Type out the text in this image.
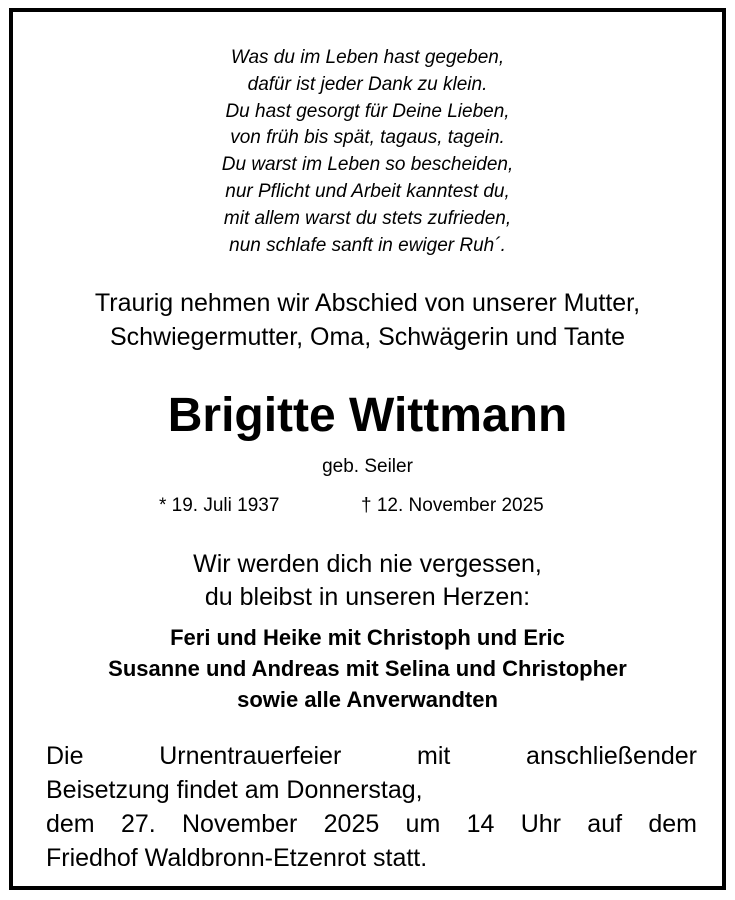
Was du im Leben hast gegeben,
dafür ist jeder Dank zu klein.
Du hast gesorgt für Deine Lieben,
von früh bis spät, tagaus, tagein.
Du warst im Leben so bescheiden,
nur Pflicht und Arbeit kanntest du,
mit allem warst du stets zufrieden,
nun schlafe sanft in ewiger Ruh´.
Traurig nehmen wir Abschied von unserer Mutter,
Schwiegermutter, Oma, Schwägerin und Tante
Brigitte Wittmann
geb. Seiler
* 19. Juli 1937	† 12. November 2025
Wir werden dich nie vergessen,
du bleibst in unseren Herzen:
Feri und Heike mit Christoph und Eric
Susanne und Andreas mit Selina und Christopher
sowie alle Anverwandten
Die Urnentrauerfeier mit anschließender
Beisetzung findet am Donnerstag,
dem 27. November 2025 um 14 Uhr auf dem
Friedhof Waldbronn-Etzenrot statt.
